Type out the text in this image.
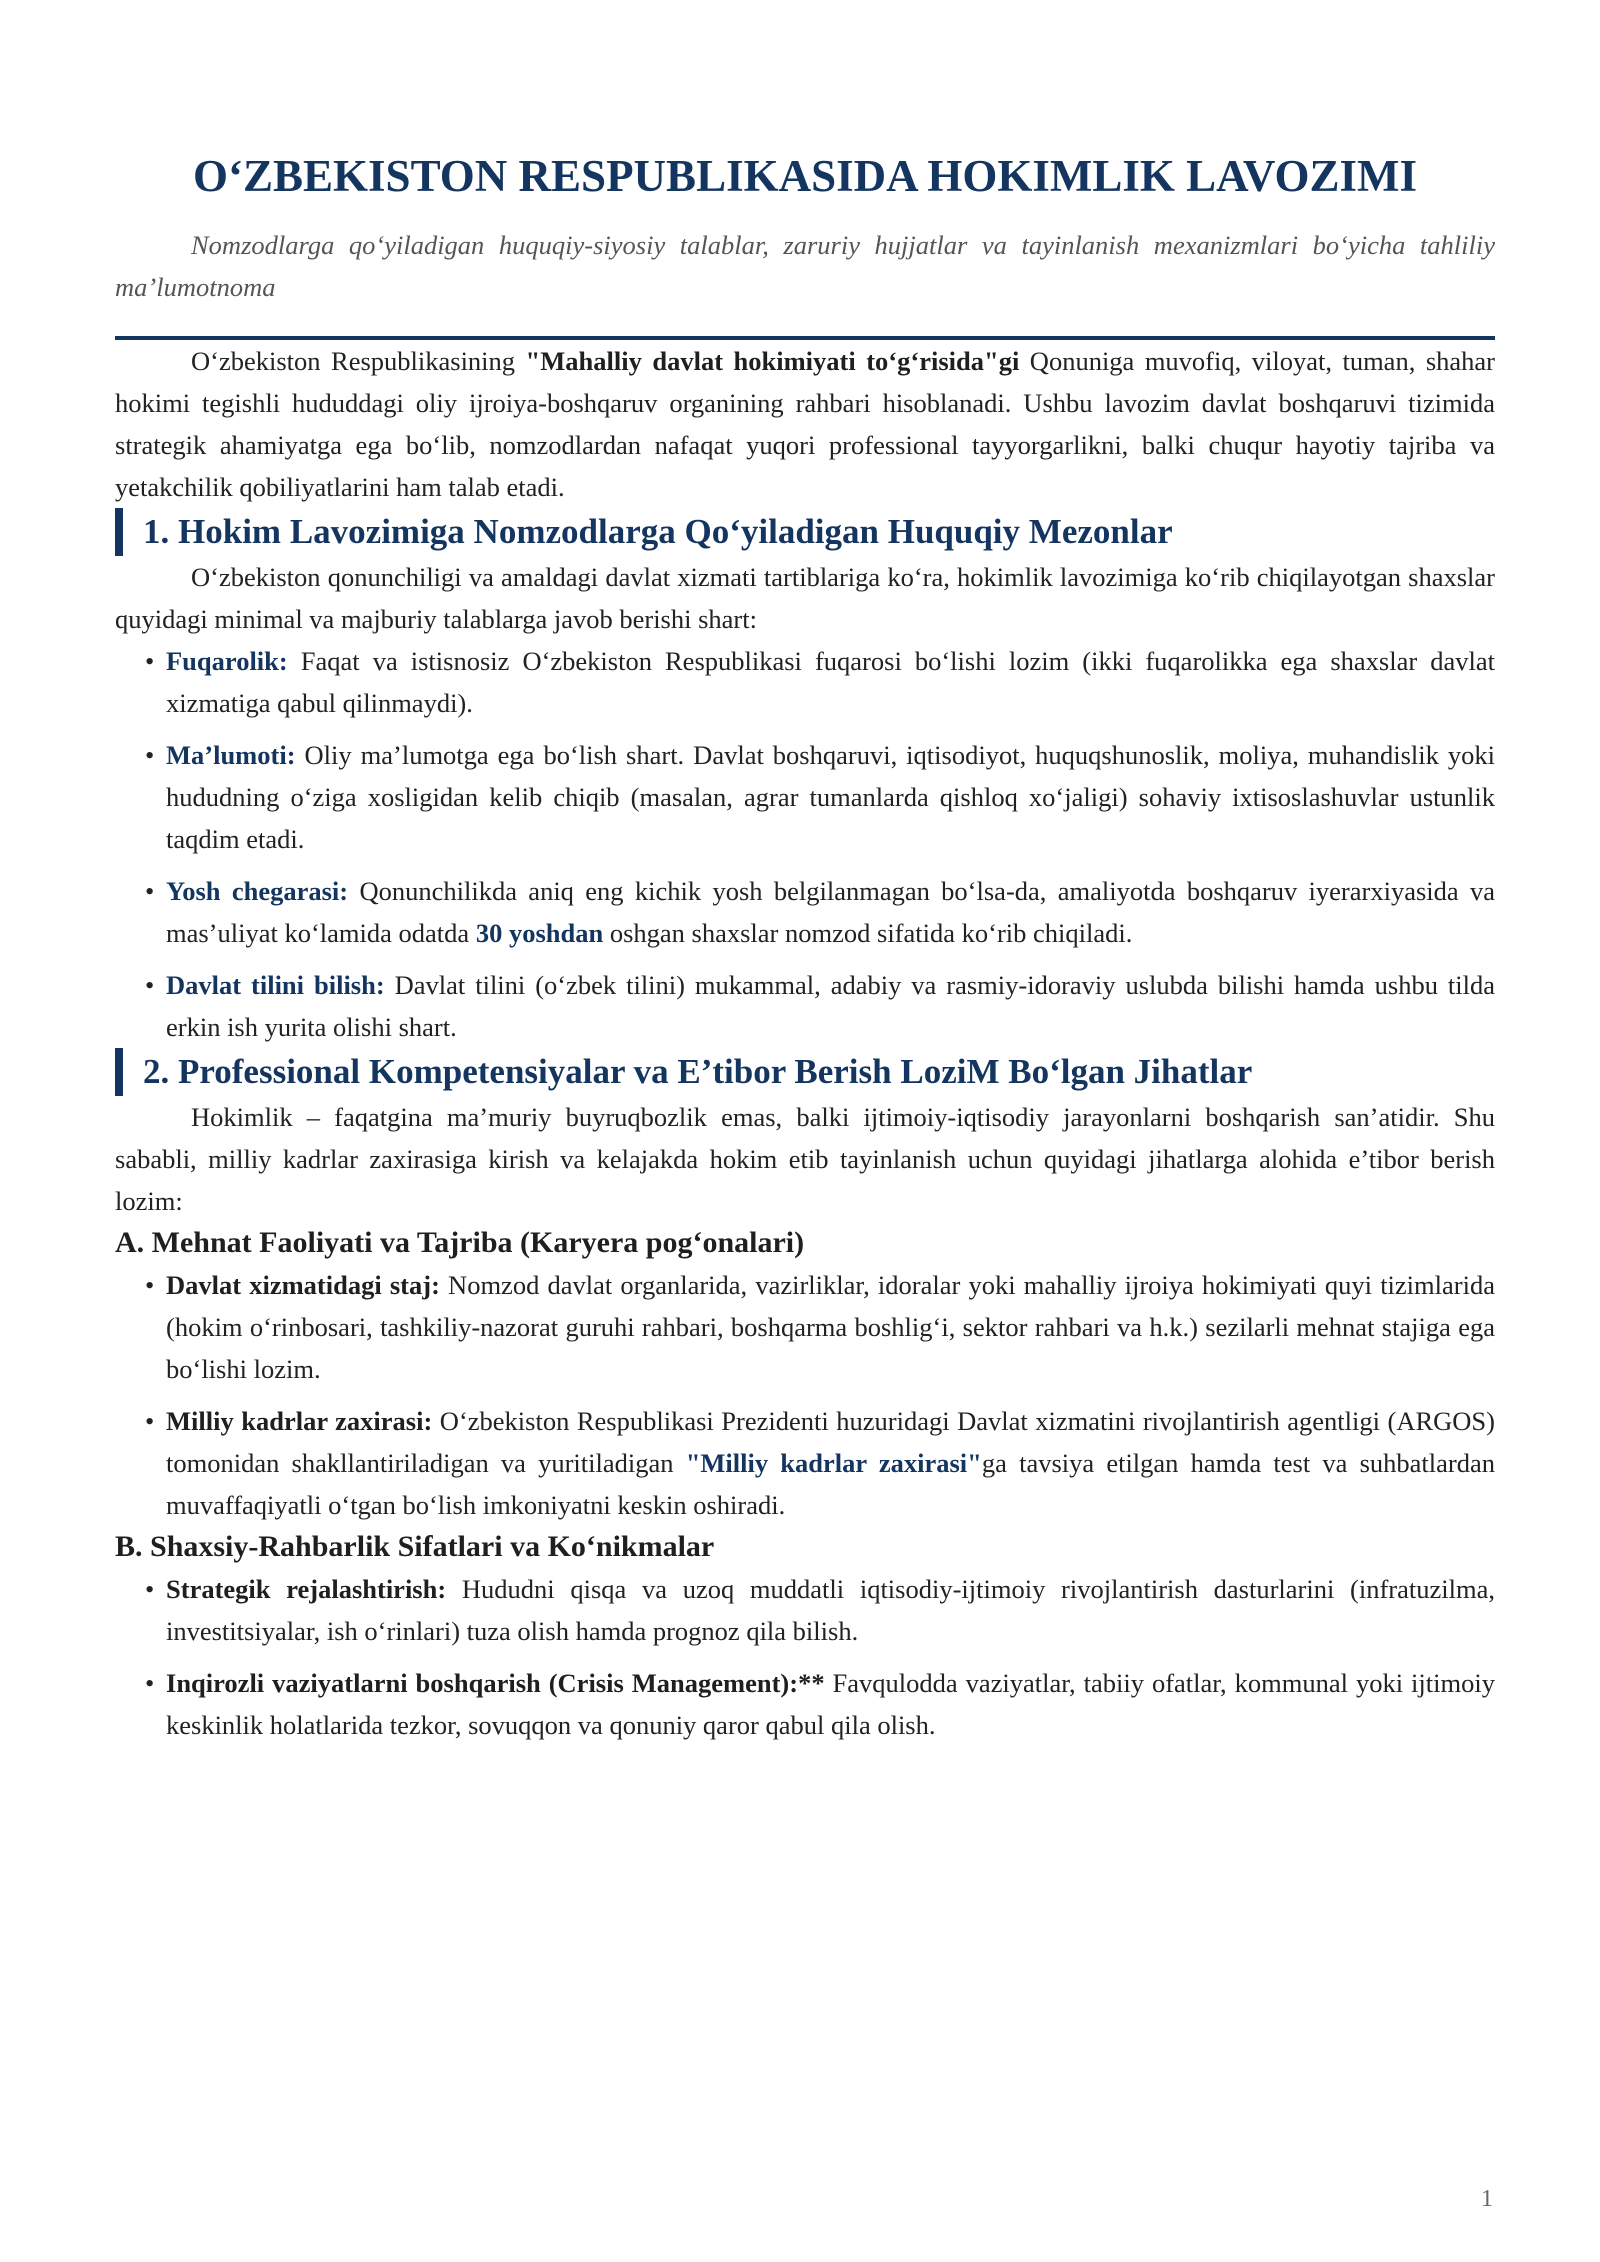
O‘ZBEKISTON RESPUBLIKASIDA HOKIMLIK LAVOZIMI
Nomzodlarga qo‘yiladigan huquqiy-siyosiy talablar, zaruriy hujjatlar va tayinlanish mexanizmlari bo‘yicha tahliliy ma’lumotnoma

O‘zbekiston Respublikasining "Mahalliy davlat hokimiyati to‘g‘risida"gi Qonuniga muvofiq, viloyat, tuman, shahar hokimi tegishli hududdagi oliy ijroiya-boshqaruv organining rahbari hisoblanadi. Ushbu lavozim davlat boshqaruvi tizimida strategik ahamiyatga ega bo‘lib, nomzodlardan nafaqat yuqori professional tayyorgarlikni, balki chuqur hayotiy tajriba va yetakchilik qobiliyatlarini ham talab etadi.

1. Hokim Lavozimiga Nomzodlarga Qo‘yiladigan Huquqiy Mezonlar

O‘zbekiston qonunchiligi va amaldagi davlat xizmati tartiblariga ko‘ra, hokimlik lavozimiga ko‘rib chiqilayotgan shaxslar quyidagi minimal va majburiy talablarga javob berishi shart:

• Fuqarolik: Faqat va istisnosiz O‘zbekiston Respublikasi fuqarosi bo‘lishi lozim (ikki fuqarolikka ega shaxslar davlat xizmatiga qabul qilinmaydi).
• Ma’lumoti: Oliy ma’lumotga ega bo‘lish shart. Davlat boshqaruvi, iqtisodiyot, huquqshunoslik, moliya, muhandislik yoki hududning o‘ziga xosligidan kelib chiqib (masalan, agrar tumanlarda qishloq xo‘jaligi) sohaviy ixtisoslashuvlar ustunlik taqdim etadi.
• Yosh chegarasi: Qonunchilikda aniq eng kichik yosh belgilanmagan bo‘lsa-da, amaliyotda boshqaruv iyerarxiyasida va mas’uliyat ko‘lamida odatda 30 yoshdan oshgan shaxslar nomzod sifatida ko‘rib chiqiladi.
• Davlat tilini bilish: Davlat tilini (o‘zbek tilini) mukammal, adabiy va rasmiy-idoraviy uslubda bilishi hamda ushbu tilda erkin ish yurita olishi shart.
2. Professional Kompetensiyalar va E’tibor Berish LoziM Bo‘lgan Jihatlar

Hokimlik – faqatgina ma’muriy buyruqbozlik emas, balki ijtimoiy-iqtisodiy jarayonlarni boshqarish san’atidir. Shu sababli, milliy kadrlar zaxirasiga kirish va kelajakda hokim etib tayinlanish uchun quyidagi jihatlarga alohida e’tibor berish lozim:

A. Mehnat Faoliyati va Tajriba (Karyera pog‘onalari)
• Davlat xizmatidagi staj: Nomzod davlat organlarida, vazirliklar, idoralar yoki mahalliy ijroiya hokimiyati quyi tizimlarida (hokim o‘rinbosari, tashkiliy-nazorat guruhi rahbari, boshqarma boshlig‘i, sektor rahbari va h.k.) sezilarli mehnat stajiga ega bo‘lishi lozim.
• Milliy kadrlar zaxirasi: O‘zbekiston Respublikasi Prezidenti huzuridagi Davlat xizmatini rivojlantirish agentligi (ARGOS) tomonidan shakllantiriladigan va yuritiladigan "Milliy kadrlar zaxirasi"ga tavsiya etilgan hamda test va suhbatlardan muvaffaqiyatli o‘tgan bo‘lish imkoniyatni keskin oshiradi.
B. Shaxsiy-Rahbarlik Sifatlari va Ko‘nikmalar
• Strategik rejalashtirish: Hududni qisqa va uzoq muddatli iqtisodiy-ijtimoiy rivojlantirish dasturlarini (infratuzilma, investitsiyalar, ish o‘rinlari) tuza olish hamda prognoz qila bilish.
• Inqirozli vaziyatlarni boshqarish (Crisis Management):** Favqulodda vaziyatlar, tabiiy ofatlar, kommunal yoki ijtimoiy keskinlik holatlarida tezkor, sovuqqon va qonuniy qaror qabul qila olish.
1
